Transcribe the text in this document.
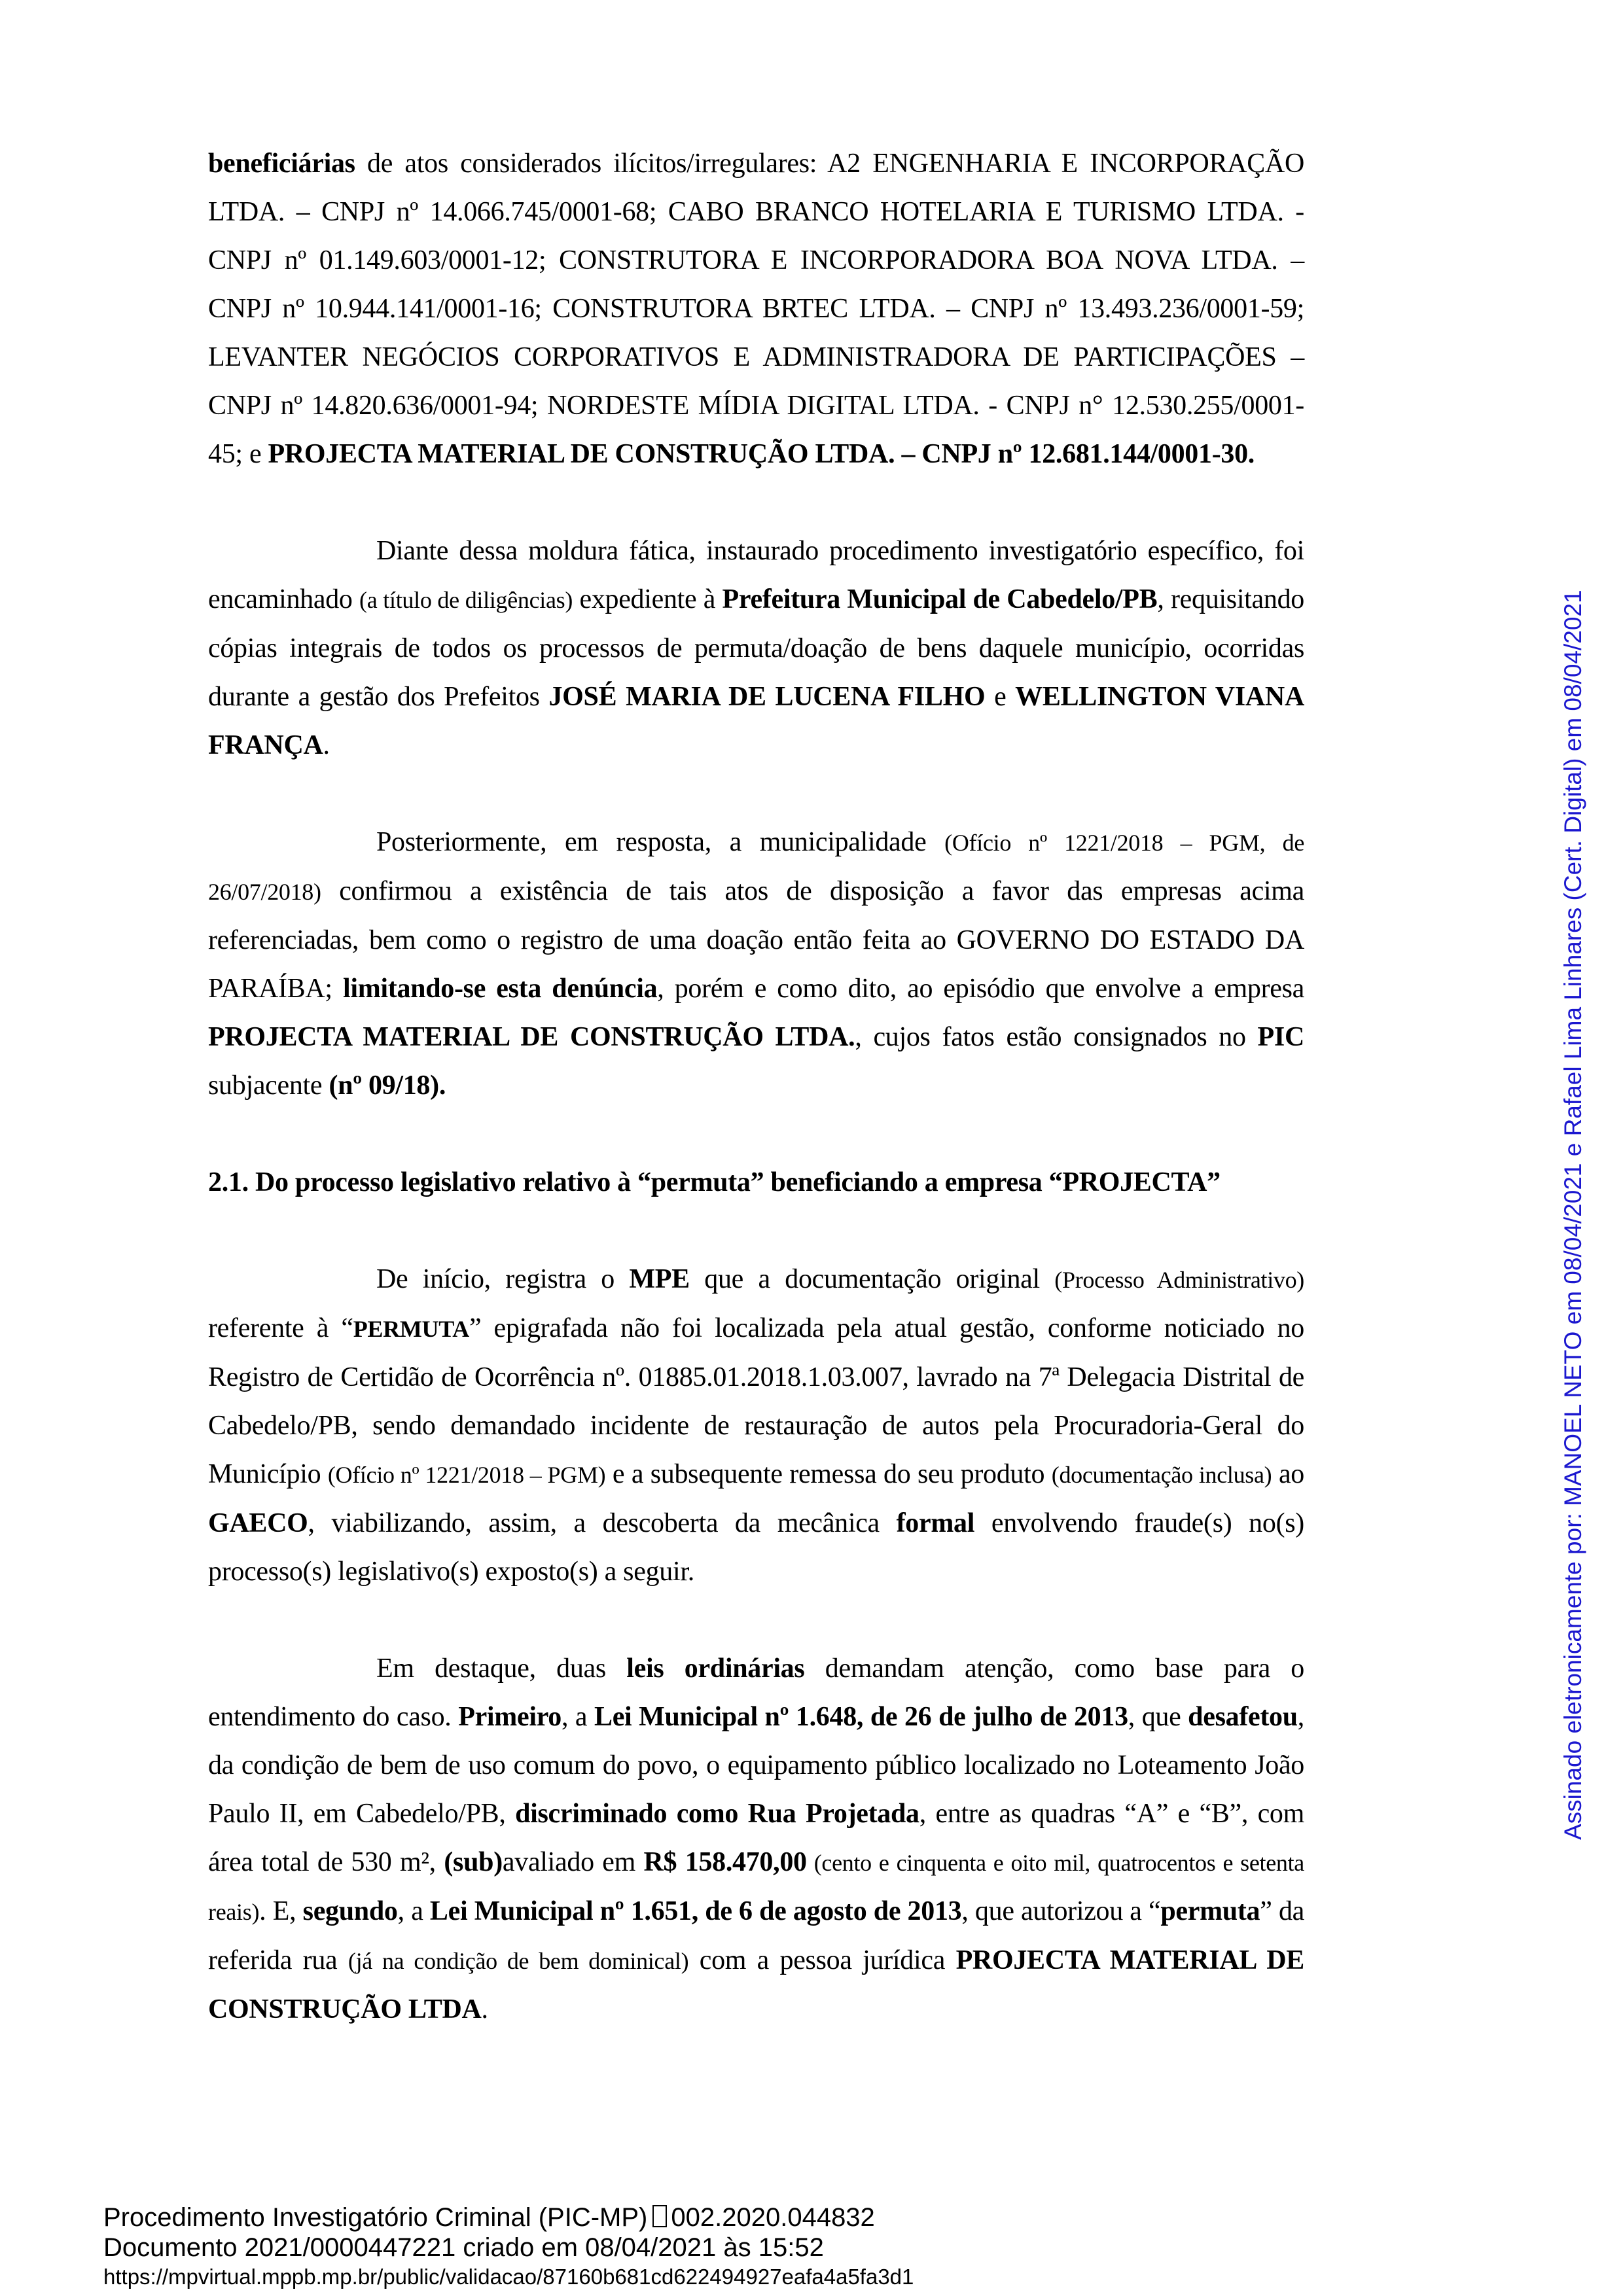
beneficiárias de atos considerados ilícitos/irregulares: A2 ENGENHARIA E INCORPORAÇÃO LTDA. – CNPJ nº 14.066.745/0001-68; CABO BRANCO HOTELARIA E TURISMO LTDA. - CNPJ nº 01.149.603/0001-12; CONSTRUTORA E INCORPORADORA BOA NOVA LTDA. – CNPJ nº 10.944.141/0001-16; CONSTRUTORA BRTEC LTDA. – CNPJ nº 13.493.236/0001-59; LEVANTER NEGÓCIOS CORPORATIVOS E ADMINISTRADORA DE PARTICIPAÇÕES – CNPJ nº 14.820.636/0001-94; NORDESTE MÍDIA DIGITAL LTDA. - CNPJ n° 12.530.255/0001-45; e PROJECTA MATERIAL DE CONSTRUÇÃO LTDA. – CNPJ nº 12.681.144/0001-30.

Diante dessa moldura fática, instaurado procedimento investigatório específico, foi encaminhado (a título de diligências) expediente à Prefeitura Municipal de Cabedelo/PB, requisitando cópias integrais de todos os processos de permuta/doação de bens daquele município, ocorridas durante a gestão dos Prefeitos JOSÉ MARIA DE LUCENA FILHO e WELLINGTON VIANA FRANÇA.

Posteriormente, em resposta, a municipalidade (Ofício nº 1221/2018 – PGM, de 26/07/2018) confirmou a existência de tais atos de disposição a favor das empresas acima referenciadas, bem como o registro de uma doação então feita ao GOVERNO DO ESTADO DA PARAÍBA; limitando-se esta denúncia, porém e como dito, ao episódio que envolve a empresa PROJECTA MATERIAL DE CONSTRUÇÃO LTDA., cujos fatos estão consignados no PIC subjacente (nº 09/18).

2.1. Do processo legislativo relativo à “permuta” beneficiando a empresa “PROJECTA”

De início, registra o MPE que a documentação original (Processo Administrativo) referente à “PERMUTA” epigrafada não foi localizada pela atual gestão, conforme noticiado no Registro de Certidão de Ocorrência nº. 01885.01.2018.1.03.007, lavrado na 7ª Delegacia Distrital de Cabedelo/PB, sendo demandado incidente de restauração de autos pela Procuradoria-Geral do Município (Ofício nº 1221/2018 – PGM) e a subsequente remessa do seu produto (documentação inclusa) ao GAECO, viabilizando, assim, a descoberta da mecânica formal envolvendo fraude(s) no(s) processo(s) legislativo(s) exposto(s) a seguir.

Em destaque, duas leis ordinárias demandam atenção, como base para o entendimento do caso. Primeiro, a Lei Municipal nº 1.648, de 26 de julho de 2013, que desafetou, da condição de bem de uso comum do povo, o equipamento público localizado no Loteamento João Paulo II, em Cabedelo/PB, discriminado como Rua Projetada, entre as quadras “A” e “B”, com área total de 530 m², (sub)avaliado em R$ 158.470,00 (cento e cinquenta e oito mil, quatrocentos e setenta reais). E, segundo, a Lei Municipal nº 1.651, de 6 de agosto de 2013, que autorizou a “permuta” da referida rua (já na condição de bem dominical) com a pessoa jurídica PROJECTA MATERIAL DE CONSTRUÇÃO LTDA.

Assinado eletronicamente por: MANOEL NETO em 08/04/2021 e Rafael Lima Linhares (Cert. Digital) em 08/04/2021
Procedimento Investigatório Criminal (PIC-MP) 002.2020.044832
Documento 2021/0000447221 criado em 08/04/2021 às 15:52
https://mpvirtual.mppb.mp.br/public/validacao/87160b681cd622494927eafa4a5fa3d1
